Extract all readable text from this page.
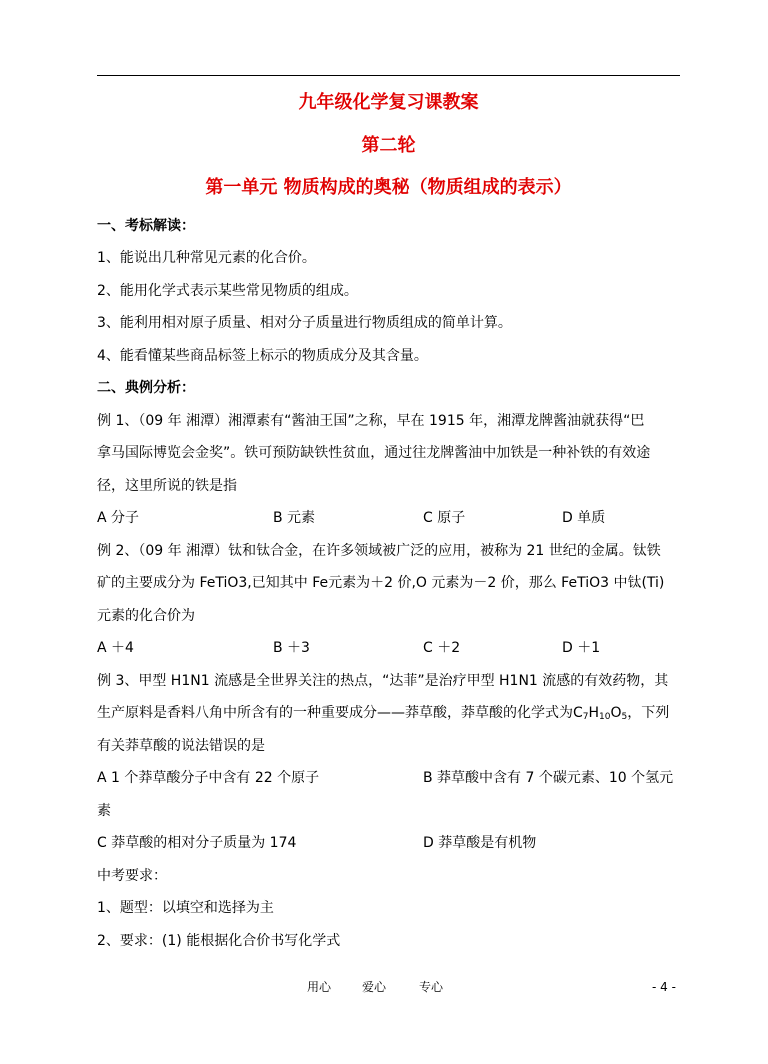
九年级化学复习课教案
第二轮
第一单元 物质构成的奥秘（物质组成的表示）
一、考标解读：
1、能说出几种常见元素的化合价。
2、能用化学式表示某些常见物质的组成。
3、能利用相对原子质量、相对分子质量进行物质组成的简单计算。
4、能看懂某些商品标签上标示的物质成分及其含量。
二、典例分析：
例 1、（09 年 湘潭）湘潭素有“酱油王国”之称，早在 1915 年，湘潭龙牌酱油就获得“巴
拿马国际博览会金奖”。铁可预防缺铁性贫血，通过往龙牌酱油中加铁是一种补铁的有效途
径，这里所说的铁是指
A 分子	B 元素	C 原子	D 单质
例 2、（09 年 湘潭）钛和钛合金，在许多领域被广泛的应用，被称为 21 世纪的金属。钛铁
矿的主要成分为 FeTiO3,已知其中 Fe元素为＋2 价,O 元素为－2 价，那么 FeTiO3 中钛(Ti)
元素的化合价为
A ＋4	B ＋3	C ＋2	D ＋1
例 3、甲型 H1N1 流感是全世界关注的热点，“达菲”是治疗甲型 H1N1 流感的有效药物，其
生产原料是香料八角中所含有的一种重要成分——莽草酸，莽草酸的化学式为$C_7H_{10}O_5$，下列
有关莽草酸的说法错误的是
A 1 个莽草酸分子中含有 22 个原子	B 莽草酸中含有 7 个碳元素、10 个氢元
素
C 莽草酸的相对分子质量为 174	D 莽草酸是有机物
中考要求：
1、题型：以填空和选择为主
2、要求：(1) 能根据化合价书写化学式
用心	爱心	专心	- 4 -
